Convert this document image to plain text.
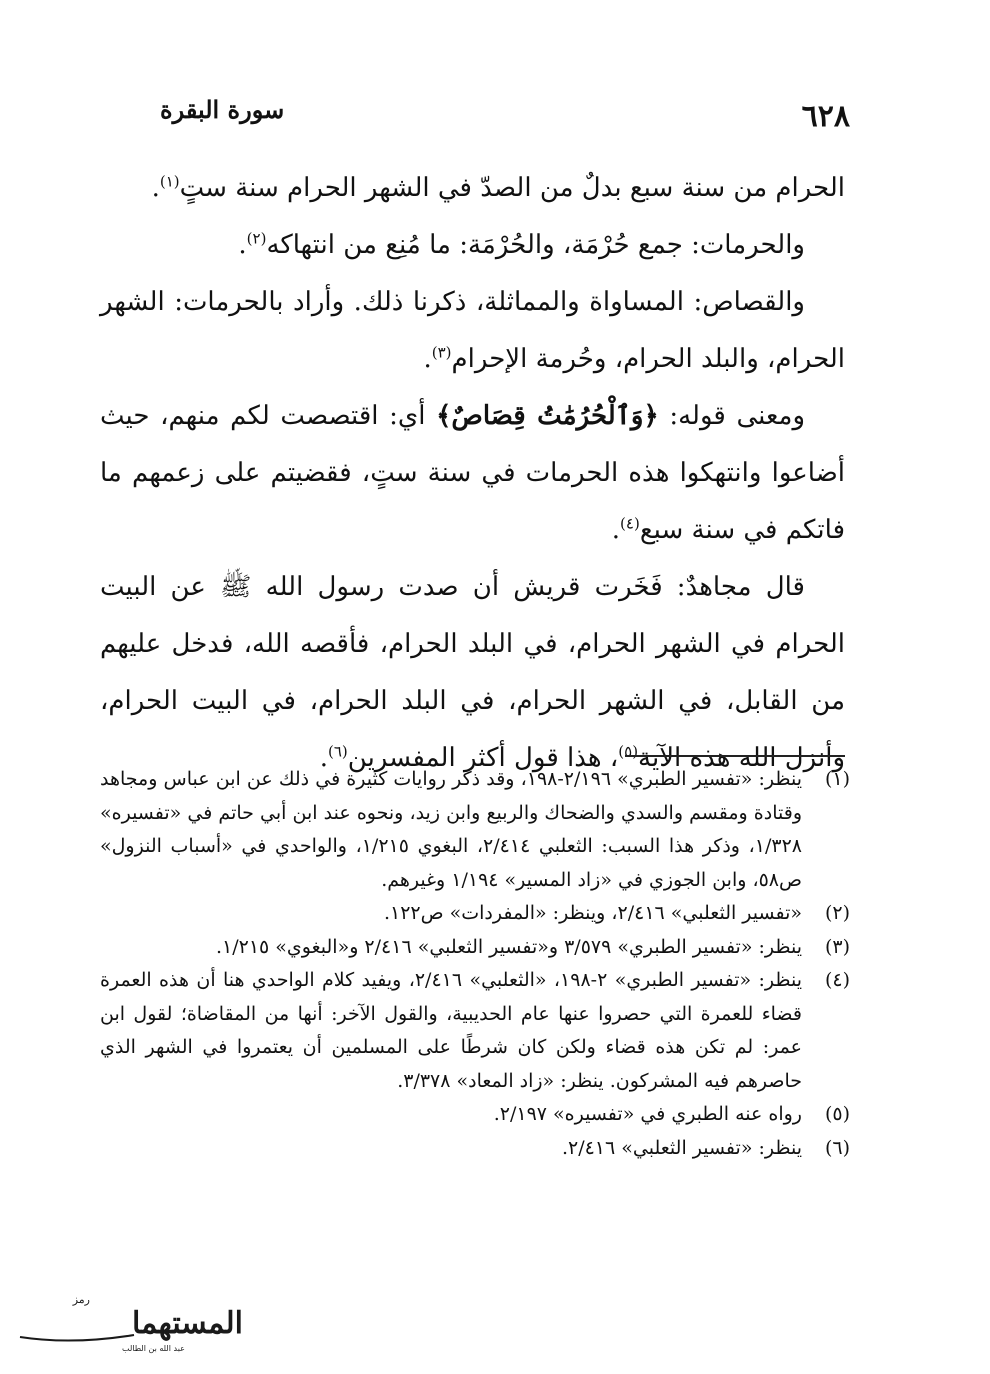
٦٢٨
سورة البقرة

الحرام من سنة سبع بدلٌ من الصدّ في الشهر الحرام سنة ستٍ$^{(١)}$.

والحرمات: جمع حُرْمَة، والحُرْمَة: ما مُنِع من انتهاكه$^{(٢)}$.

والقصاص: المساواة والمماثلة، ذكرنا ذلك. وأراد بالحرمات: الشهر الحرام، والبلد الحرام، وحُرمة الإحرام$^{(٣)}$.

ومعنى قوله: ﴿وَٱلْحُرُمَٰتُ قِصَاصٌ﴾ أي: اقتصصت لكم منهم، حيث أضاعوا وانتهكوا هذه الحرمات في سنة ستٍ، فقضيتم على زعمهم ما فاتكم في سنة سبع$^{(٤)}$.

قال مجاهدٌ: فَخَرت قريش أن صدت رسول الله ﷺ عن البيت الحرام في الشهر الحرام، في البلد الحرام، فأقصه الله، فدخل عليهم من القابل، في الشهر الحرام، في البلد الحرام، في البيت الحرام، وأنزل الله هذه الآية$^{(٥)}$، هذا قول أكثر المفسرين$^{(٦)}$.

(١)
ينظر: «تفسير الطبري» ٢/١٩٦-١٩٨، وقد ذكر روايات كثيرة في ذلك عن ابن عباس ومجاهد وقتادة ومقسم والسدي والضحاك والربيع وابن زيد، ونحوه عند ابن أبي حاتم في «تفسيره» ١/٣٢٨، وذكر هذا السبب: الثعلبي ٢/٤١٤، البغوي ١/٢١٥، والواحدي في «أسباب النزول» ص٥٨، وابن الجوزي في «زاد المسير» ١/١٩٤ وغيرهم.
(٢)
«تفسير الثعلبي» ٢/٤١٦، وينظر: «المفردات» ص١٢٢.
(٣)
ينظر: «تفسير الطبري» ٣/٥٧٩ و«تفسير الثعلبي» ٢/٤١٦ و«البغوي» ١/٢١٥.
(٤)
ينظر: «تفسير الطبري» ٢-١٩٨، «الثعلبي» ٢/٤١٦، ويفيد كلام الواحدي هنا أن هذه العمرة قضاء للعمرة التي حصروا عنها عام الحديبية، والقول الآخر: أنها من المقاضاة؛ لقول ابن عمر: لم تكن هذه قضاء ولكن كان شرطًا على المسلمين أن يعتمروا في الشهر الذي حاصرهم فيه المشركون. ينظر: «زاد المعاد» ٣/٣٧٨.
(٥)
رواه عنه الطبري في «تفسيره» ٢/١٩٧.
(٦)
ينظر: «تفسير الثعلبي» ٢/٤١٦.
رمز
المستهما
عبد الله بن الطالب
